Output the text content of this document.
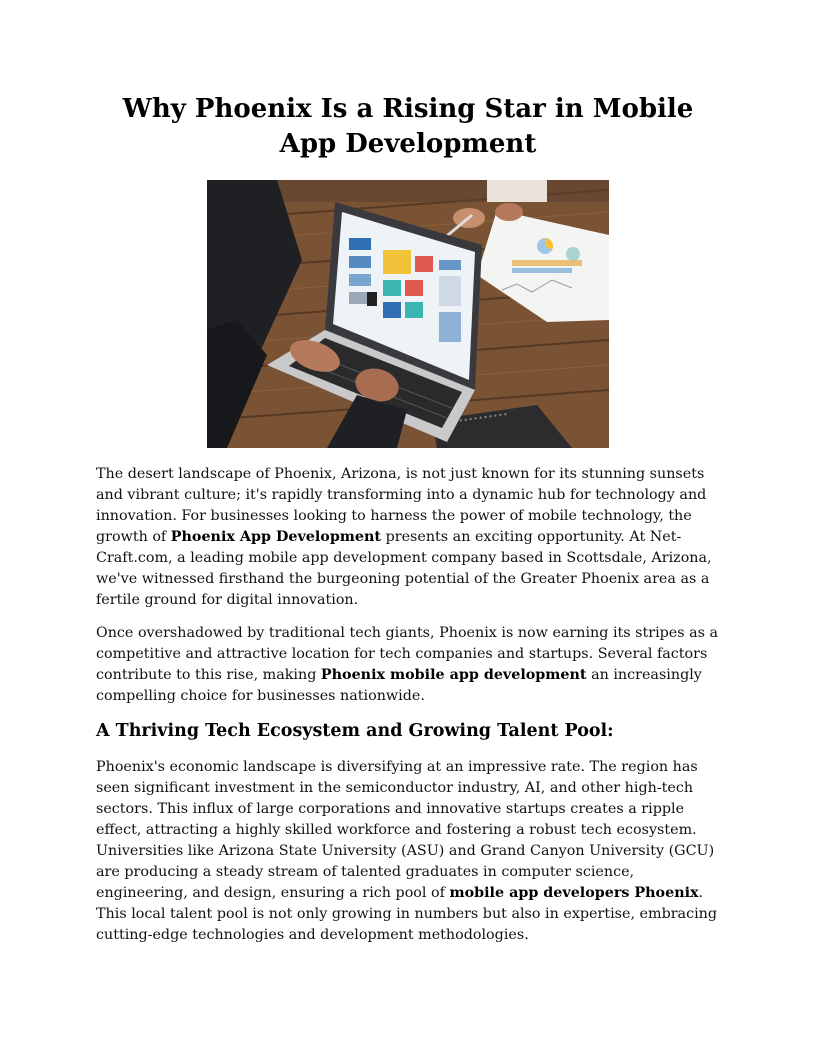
Why Phoenix Is a Rising Star in Mobile App Development

The desert landscape of Phoenix, Arizona, is not just known for its stunning sunsets and vibrant culture; it's rapidly transforming into a dynamic hub for technology and innovation. For businesses looking to harness the power of mobile technology, the growth of Phoenix App Development presents an exciting opportunity. At Net-Craft.com, a leading mobile app development company based in Scottsdale, Arizona, we've witnessed firsthand the burgeoning potential of the Greater Phoenix area as a fertile ground for digital innovation.

Once overshadowed by traditional tech giants, Phoenix is now earning its stripes as a competitive and attractive location for tech companies and startups. Several factors contribute to this rise, making Phoenix mobile app development an increasingly compelling choice for businesses nationwide.

A Thriving Tech Ecosystem and Growing Talent Pool:

Phoenix's economic landscape is diversifying at an impressive rate. The region has seen significant investment in the semiconductor industry, AI, and other high-tech sectors. This influx of large corporations and innovative startups creates a ripple effect, attracting a highly skilled workforce and fostering a robust tech ecosystem. Universities like Arizona State University (ASU) and Grand Canyon University (GCU) are producing a steady stream of talented graduates in computer science, engineering, and design, ensuring a rich pool of mobile app developers Phoenix. This local talent pool is not only growing in numbers but also in expertise, embracing cutting-edge technologies and development methodologies.
